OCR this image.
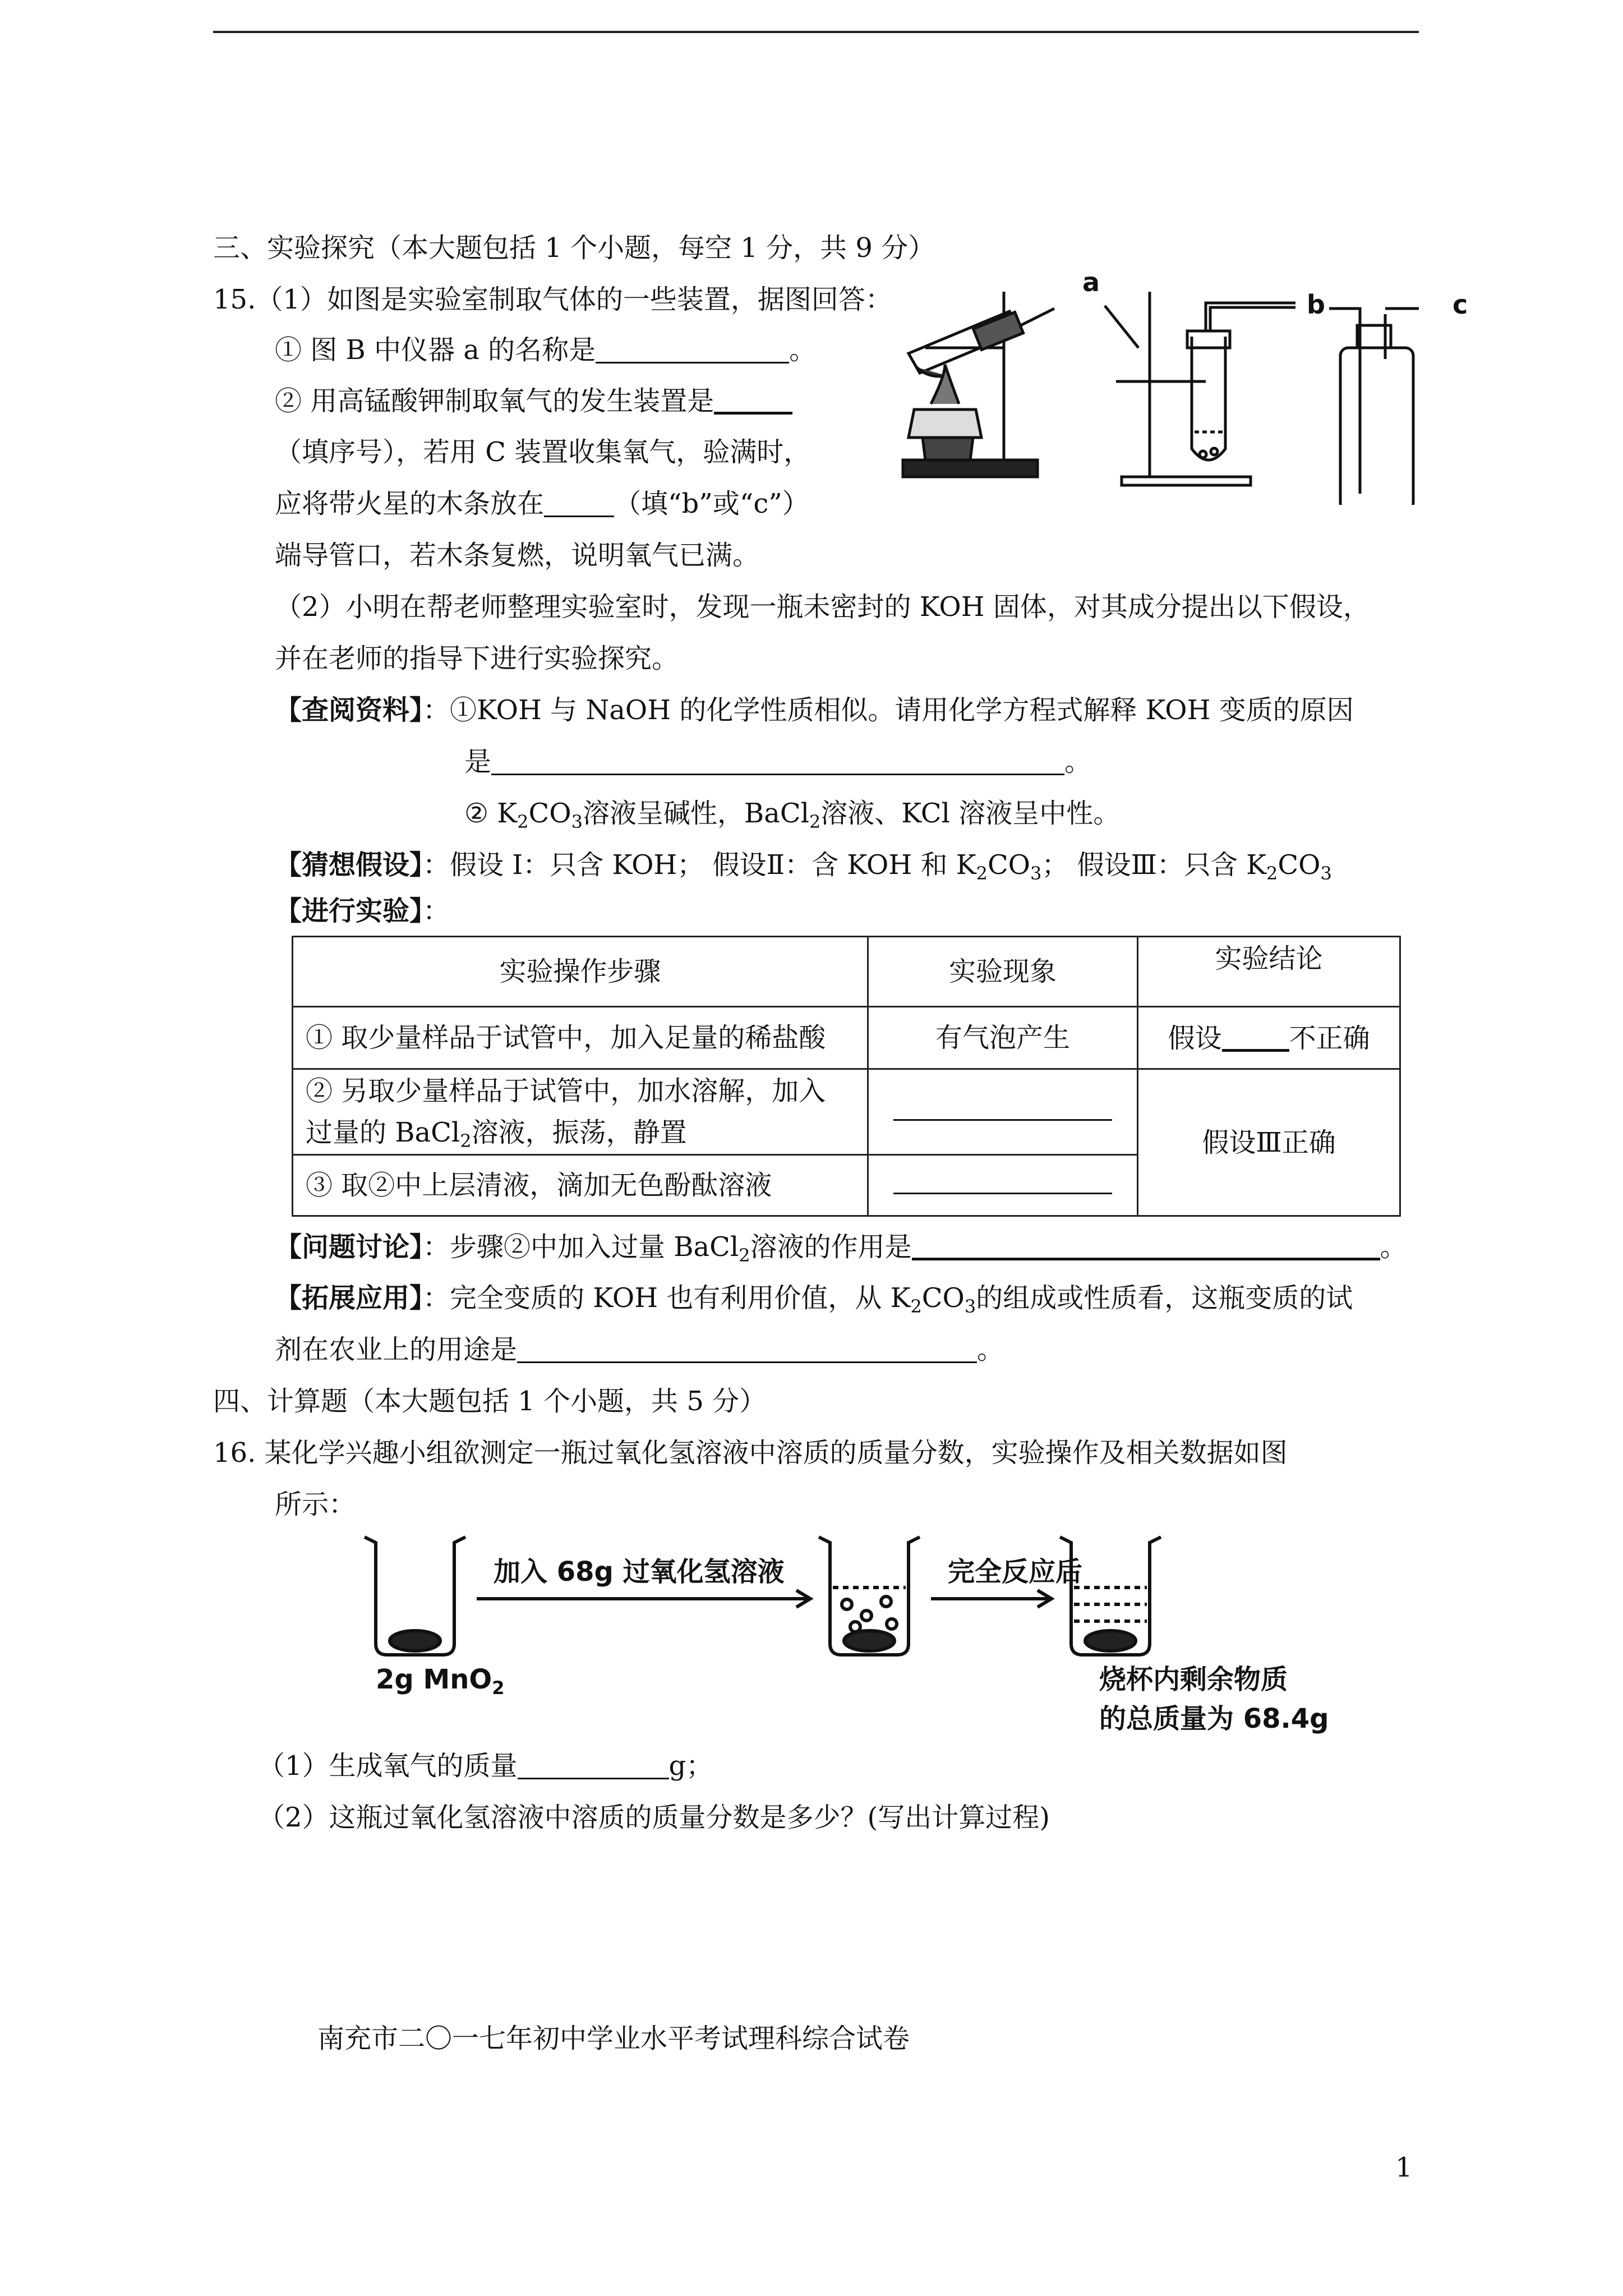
三、实验探究（本大题包括 1 个小题，每空 1 分，共 9 分）
15.（1）如图是实验室制取气体的一些装置，据图回答：
① 图 B 中仪器 a 的名称是	。
② 用高锰酸钾制取氧气的发生装置是
（填序号），若用 C 装置收集氧气，验满时，
应将带火星的木条放在	（填“b”或“c”）
端导管口，若木条复燃，说明氧气已满。
（2）小明在帮老师整理实验室时，发现一瓶未密封的 KOH 固体，对其成分提出以下假设，
并在老师的指导下进行实验探究。
【查阅资料】：①KOH 与 NaOH 的化学性质相似。请用化学方程式解释 KOH 变质的原因
是	。
② $K_2CO_3$溶液呈碱性，BaCl$_2$溶液、KCl 溶液呈中性。
【猜想假设】：假设 I：只含 KOH； 假设Ⅱ：含 KOH 和 $K_2CO_3$； 假设Ⅲ：只含 $K_2CO_3$
【进行实验】：
实验操作步骤	实验现象	实验结论
① 取少量样品于试管中，加入足量的稀盐酸	有气泡产生	假设 不正确
② 另取少量样品于试管中，加水溶解，加入
过量的 BaCl$_2$溶液，振荡，静置		假设Ⅲ正确
③ 取②中上层清液，滴加无色酚酞溶液		
【问题讨论】：步骤②中加入过量 BaCl$_2$溶液的作用是	。
【拓展应用】：完全变质的 KOH 也有利用价值，从 $K_2CO_3$的组成或性质看，这瓶变质的试
剂在农业上的用途是	。
四、计算题（本大题包括 1 个小题，共 5 分）
16. 某化学兴趣小组欲测定一瓶过氧化氢溶液中溶质的质量分数，实验操作及相关数据如图
所示：
（1）生成氧气的质量	g；
（2）这瓶过氧化氢溶液中溶质的质量分数是多少？(写出计算过程)
南充市二〇一七年初中学业水平考试理科综合试卷
1
a
b	c
加入 68g 过氧化氢溶液	完全反应后
2g MnO$_2$	烧杯内剩余物质
的总质量为 68.4g
